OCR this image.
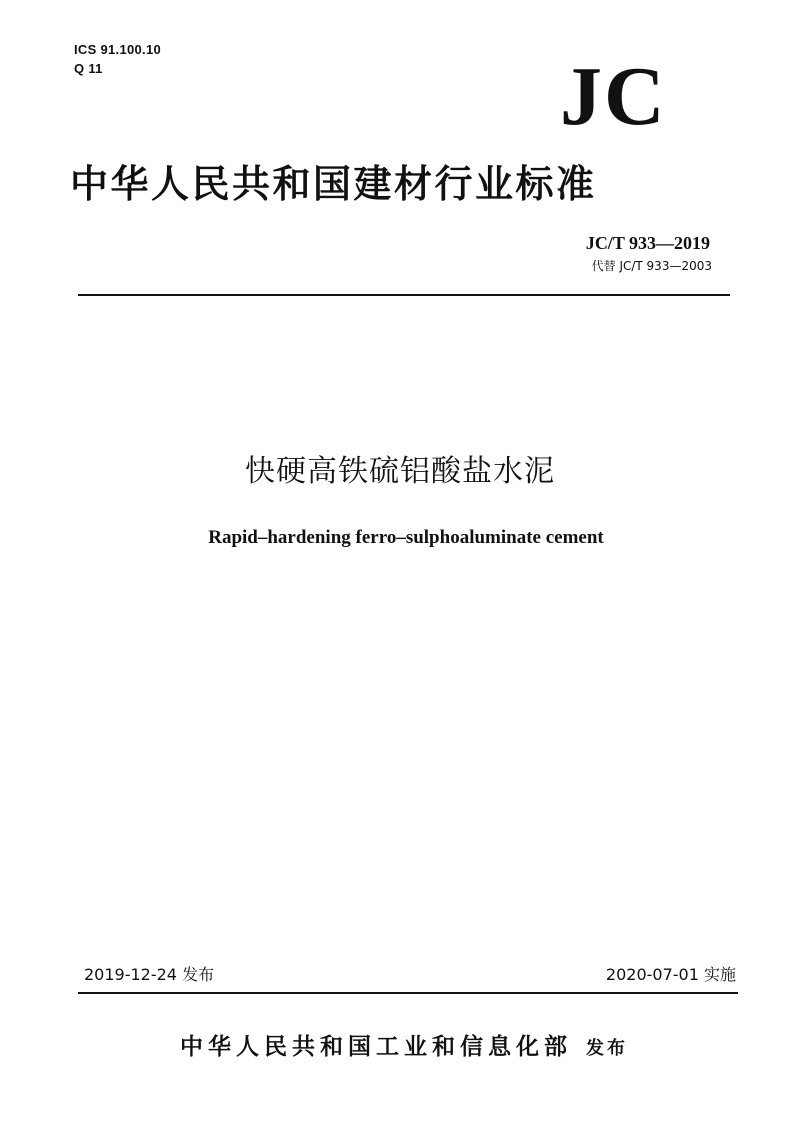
ICS 91.100.10
Q 11	JC
中华人民共和国建材行业标准
JC/T 933—2019
代替 JC/T 933—2003
快硬高铁硫铝酸盐水泥
Rapid–hardening ferro–sulphoaluminate cement
2019-12-24 发布	2020-07-01 实施
中华人民共和国工业和信息化部 发布
